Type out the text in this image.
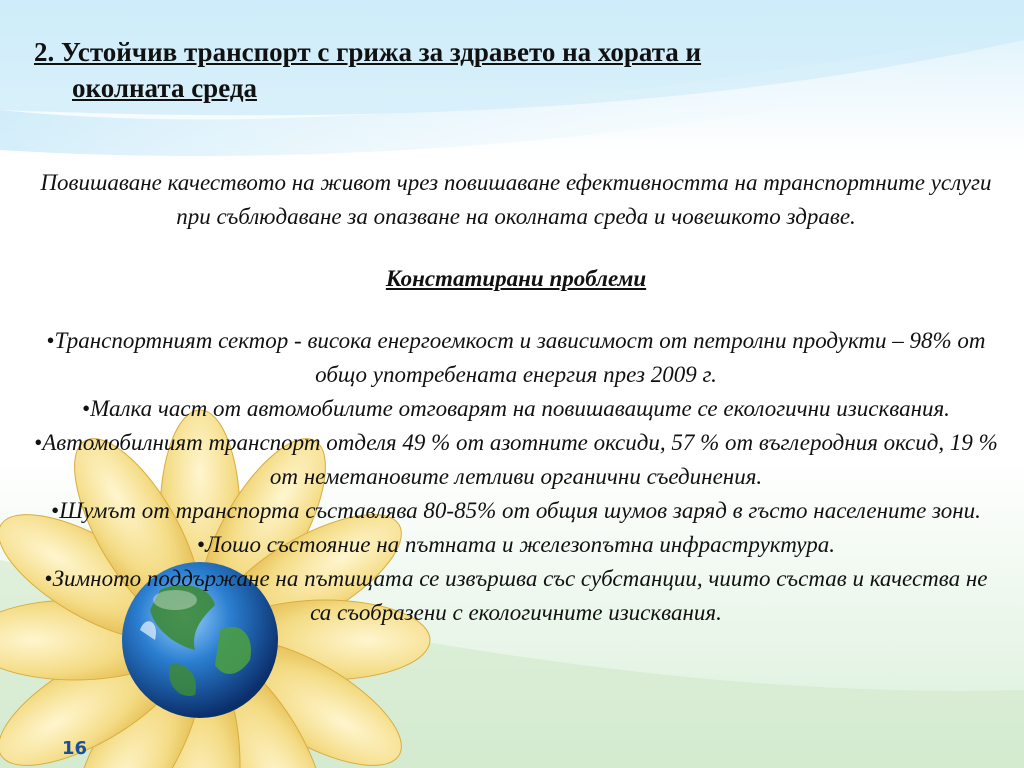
2. Устойчив транспорт с грижа за здравето на хората и
околната среда

Повишаване качеството на живот чрез повишаване ефективността на транспортните услуги при съблюдаване за опазване на околната среда и човешкото здраве.

Констатирани проблеми

•Транспортният сектор - висока енергоемкост и зависимост от петролни продукти – 98% от общо употребената енергия през 2009 г.
•Малка част от автомобилите отговарят на повишаващите се екологични изисквания.
•Автомобилният транспорт отделя 49 % от азотните оксиди, 57 % от въглеродния оксид, 19 % от неметановите летливи органични съединения.
•Шумът от транспорта съставлява 80-85% от общия шумов заряд в гъсто населените зони.
•Лошо състояние на пътната и железопътна инфраструктура.
•Зимното поддържане на пътищата се извършва със субстанции, чиито състав и качества не са съобразени с екологичните изисквания.
16
